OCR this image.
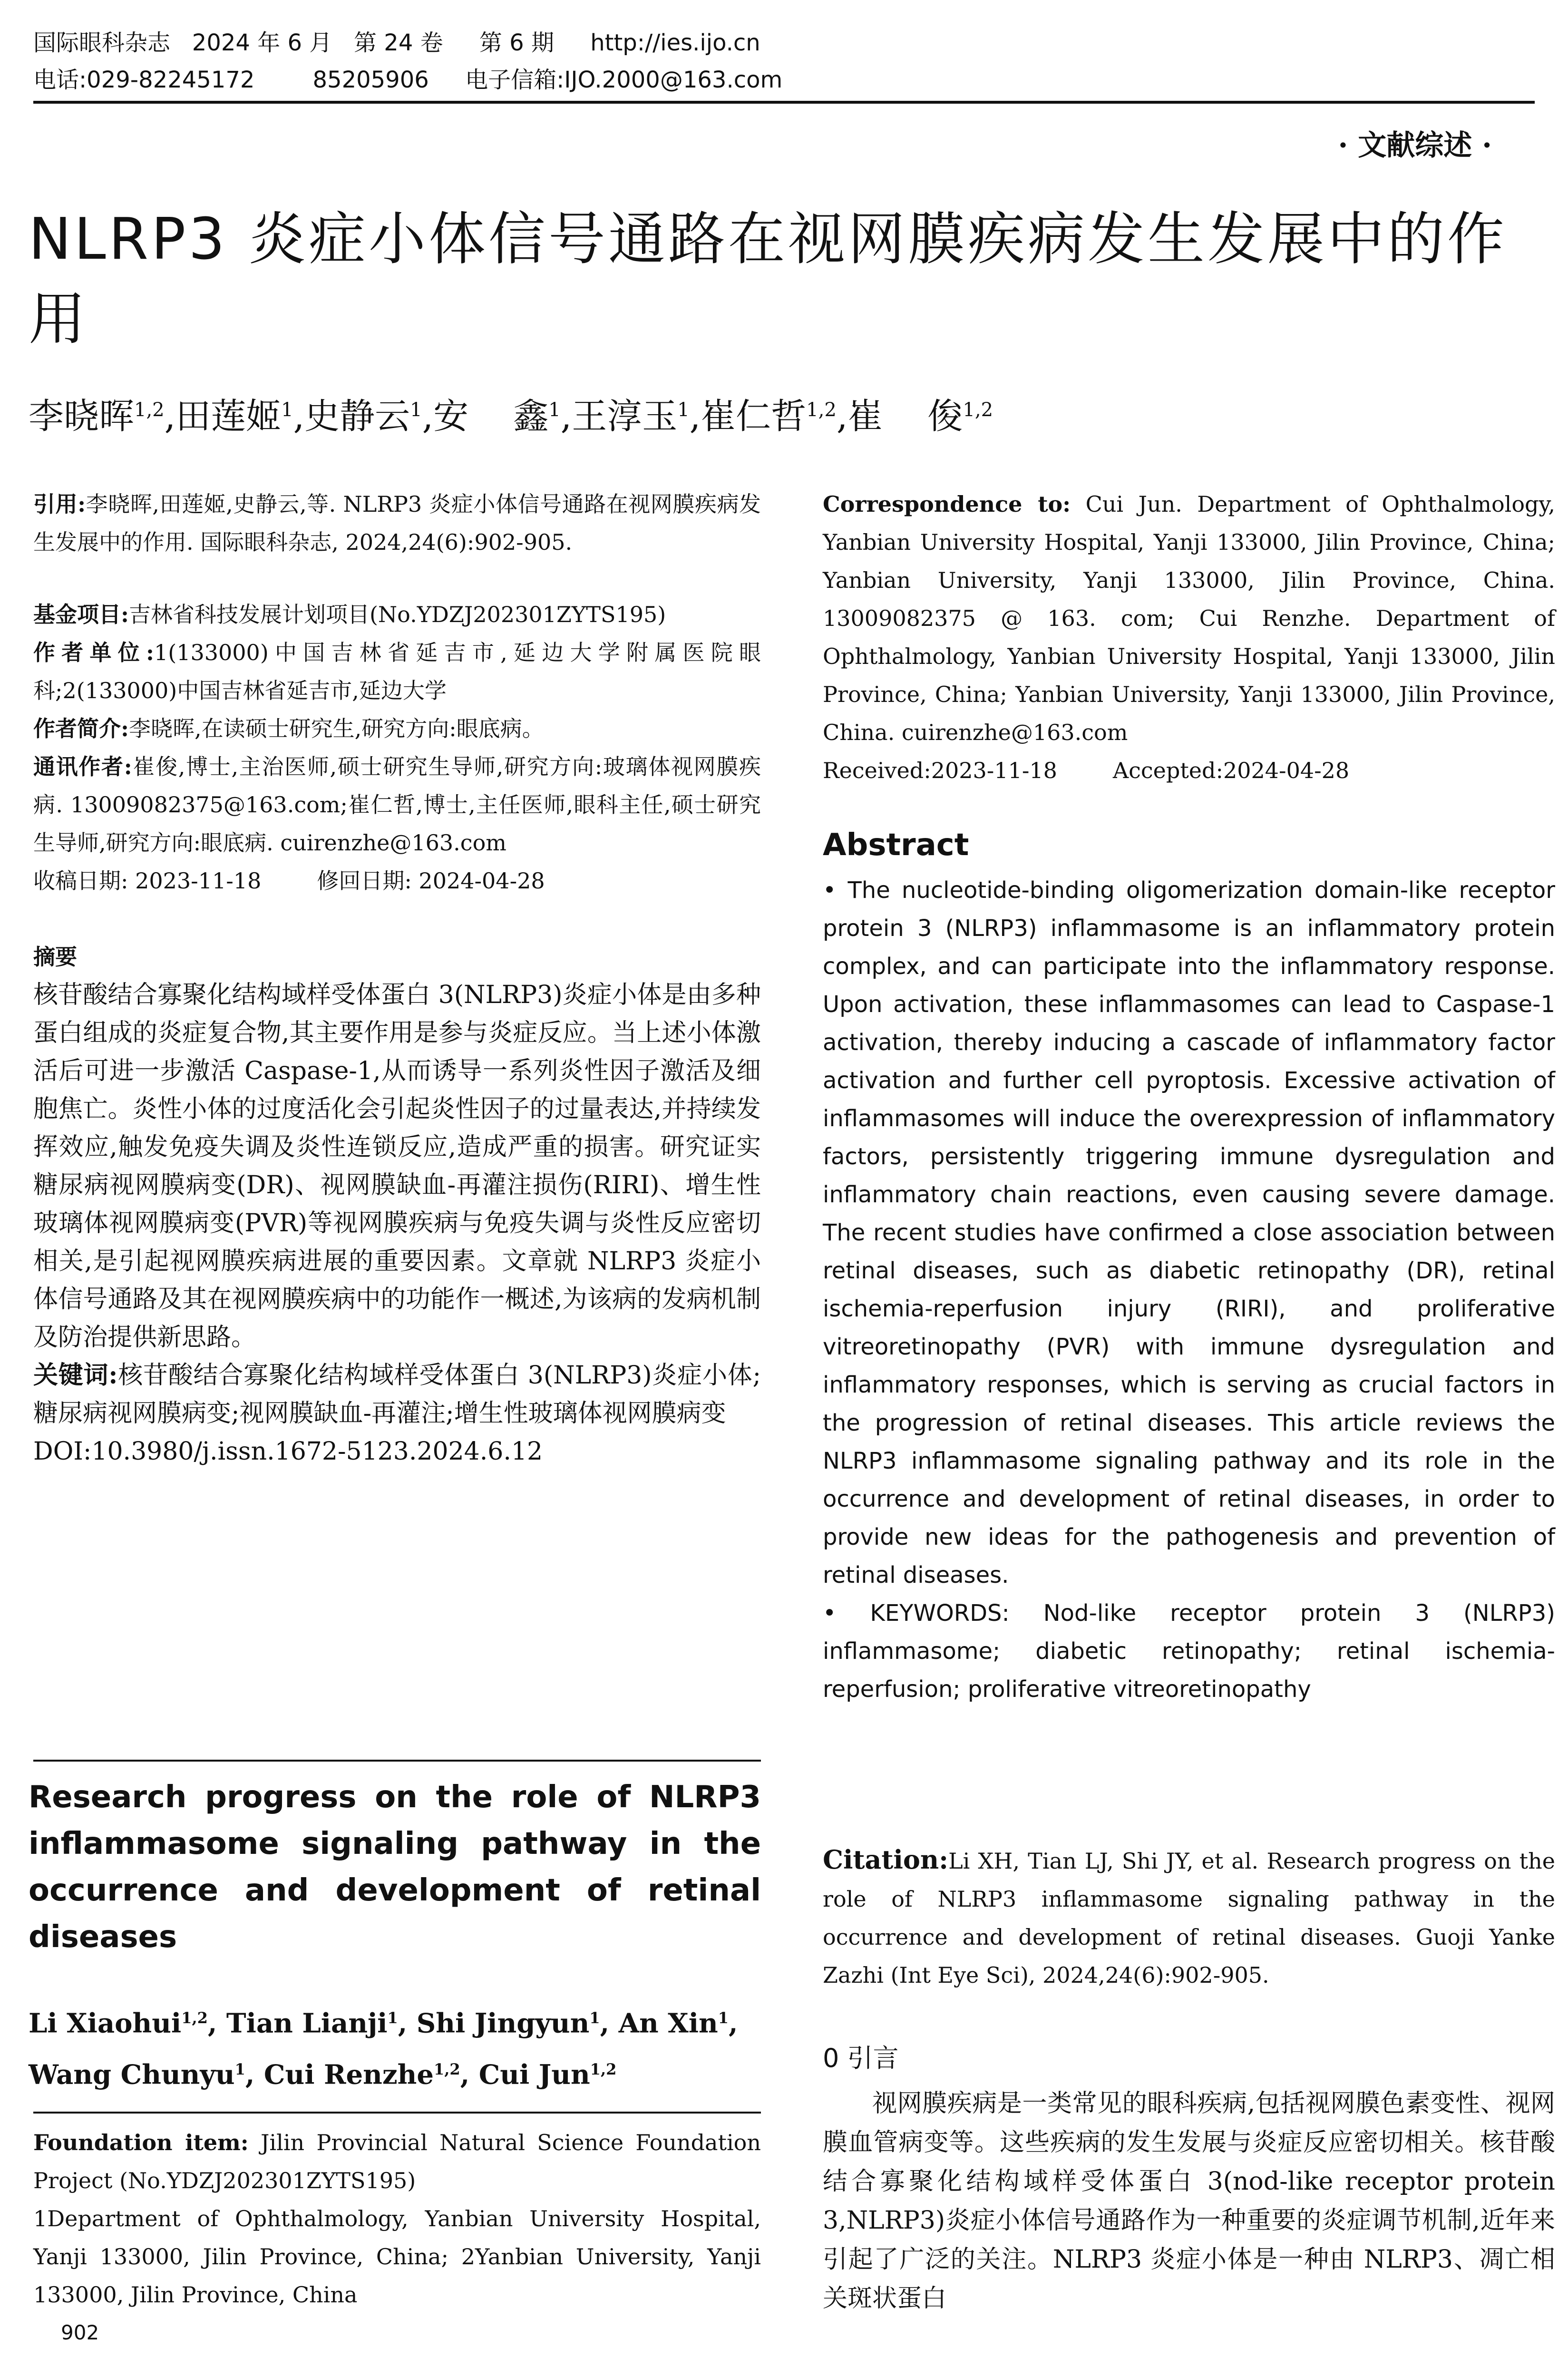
国际眼科杂志   2024 年 6 月   第 24 卷     第 6 期     http://ies.ijo.cn
电话:029-82245172        85205906     电子信箱:IJO.2000@163.com
· 文献综述 ·
NLRP3 炎症小体信号通路在视网膜疾病发生发展中的作用
李晓晖$^{1,2}$,田莲姬$^1$,史静云$^1$,安    鑫$^1$,王淳玉$^1$,崔仁哲$^{1,2}$,崔    俊$^{1,2}$

引用:李晓晖,田莲姬,史静云,等. NLRP3 炎症小体信号通路在视网膜疾病发生发展中的作用. 国际眼科杂志, 2024,24(6):902-905.

基金项目:吉林省科技发展计划项目(No.YDZJ202301ZYTS195)

作者单位:1(133000)中国吉林省延吉市,延边大学附属医院眼科;2(133000)中国吉林省延吉市,延边大学

作者简介:李晓晖,在读硕士研究生,研究方向:眼底病。

通讯作者:崔俊,博士,主治医师,硕士研究生导师,研究方向:玻璃体视网膜疾病. 13009082375@163.com;崔仁哲,博士,主任医师,眼科主任,硕士研究生导师,研究方向:眼底病. cuirenzhe@163.com

收稿日期: 2023-11-18        修回日期: 2024-04-28

摘要

核苷酸结合寡聚化结构域样受体蛋白 3(NLRP3)炎症小体是由多种蛋白组成的炎症复合物,其主要作用是参与炎症反应。当上述小体激活后可进一步激活 Caspase-1,从而诱导一系列炎性因子激活及细胞焦亡。炎性小体的过度活化会引起炎性因子的过量表达,并持续发挥效应,触发免疫失调及炎性连锁反应,造成严重的损害。研究证实糖尿病视网膜病变(DR)、视网膜缺血-再灌注损伤(RIRI)、增生性玻璃体视网膜病变(PVR)等视网膜疾病与免疫失调与炎性反应密切相关,是引起视网膜疾病进展的重要因素。文章就 NLRP3 炎症小体信号通路及其在视网膜疾病中的功能作一概述,为该病的发病机制及防治提供新思路。

关键词:核苷酸结合寡聚化结构域样受体蛋白 3(NLRP3)炎症小体;糖尿病视网膜病变;视网膜缺血-再灌注;增生性玻璃体视网膜病变

DOI:10.3980/j.issn.1672-5123.2024.6.12

Research progress on the role of NLRP3 inflammasome signaling pathway in the occurrence and development of retinal diseases
Li Xiaohui$^{1,2}$, Tian Lianji$^1$, Shi Jingyun$^1$, An Xin$^1$,
Wang Chunyu$^1$, Cui Renzhe$^{1,2}$, Cui Jun$^{1,2}$

Foundation item: Jilin Provincial Natural Science Foundation Project (No.YDZJ202301ZYTS195)

1Department of Ophthalmology, Yanbian University Hospital, Yanji 133000, Jilin Province, China; 2Yanbian University, Yanji 133000, Jilin Province, China

Correspondence to: Cui Jun. Department of Ophthalmology, Yanbian University Hospital, Yanji 133000, Jilin Province, China; Yanbian University, Yanji 133000, Jilin Province, China. 13009082375 @ 163. com; Cui Renzhe. Department of Ophthalmology, Yanbian University Hospital, Yanji 133000, Jilin Province, China; Yanbian University, Yanji 133000, Jilin Province, China. cuirenzhe@163.com

Received:2023-11-18        Accepted:2024-04-28

Abstract

• The nucleotide-binding oligomerization domain-like receptor protein 3 (NLRP3) inflammasome is an inflammatory protein complex, and can participate into the inflammatory response. Upon activation, these inflammasomes can lead to Caspase-1 activation, thereby inducing a cascade of inflammatory factor activation and further cell pyroptosis. Excessive activation of inflammasomes will induce the overexpression of inflammatory factors, persistently triggering immune dysregulation and inflammatory chain reactions, even causing severe damage. The recent studies have confirmed a close association between retinal diseases, such as diabetic retinopathy (DR), retinal ischemia-reperfusion injury (RIRI), and proliferative vitreoretinopathy (PVR) with immune dysregulation and inflammatory responses, which is serving as crucial factors in the progression of retinal diseases. This article reviews the NLRP3 inflammasome signaling pathway and its role in the occurrence and development of retinal diseases, in order to provide new ideas for the pathogenesis and prevention of retinal diseases.

• KEYWORDS: Nod-like receptor protein 3 (NLRP3) inflammasome; diabetic retinopathy; retinal ischemia-reperfusion; proliferative vitreoretinopathy

Citation:Li XH, Tian LJ, Shi JY, et al. Research progress on the role of NLRP3 inflammasome signaling pathway in the occurrence and development of retinal diseases. Guoji Yanke Zazhi (Int Eye Sci), 2024,24(6):902-905.

0 引言

视网膜疾病是一类常见的眼科疾病,包括视网膜色素变性、视网膜血管病变等。这些疾病的发生发展与炎症反应密切相关。核苷酸结合寡聚化结构域样受体蛋白 3(nod-like receptor protein 3,NLRP3)炎症小体信号通路作为一种重要的炎症调节机制,近年来引起了广泛的关注。NLRP3 炎症小体是一种由 NLRP3、凋亡相关斑状蛋白

902
